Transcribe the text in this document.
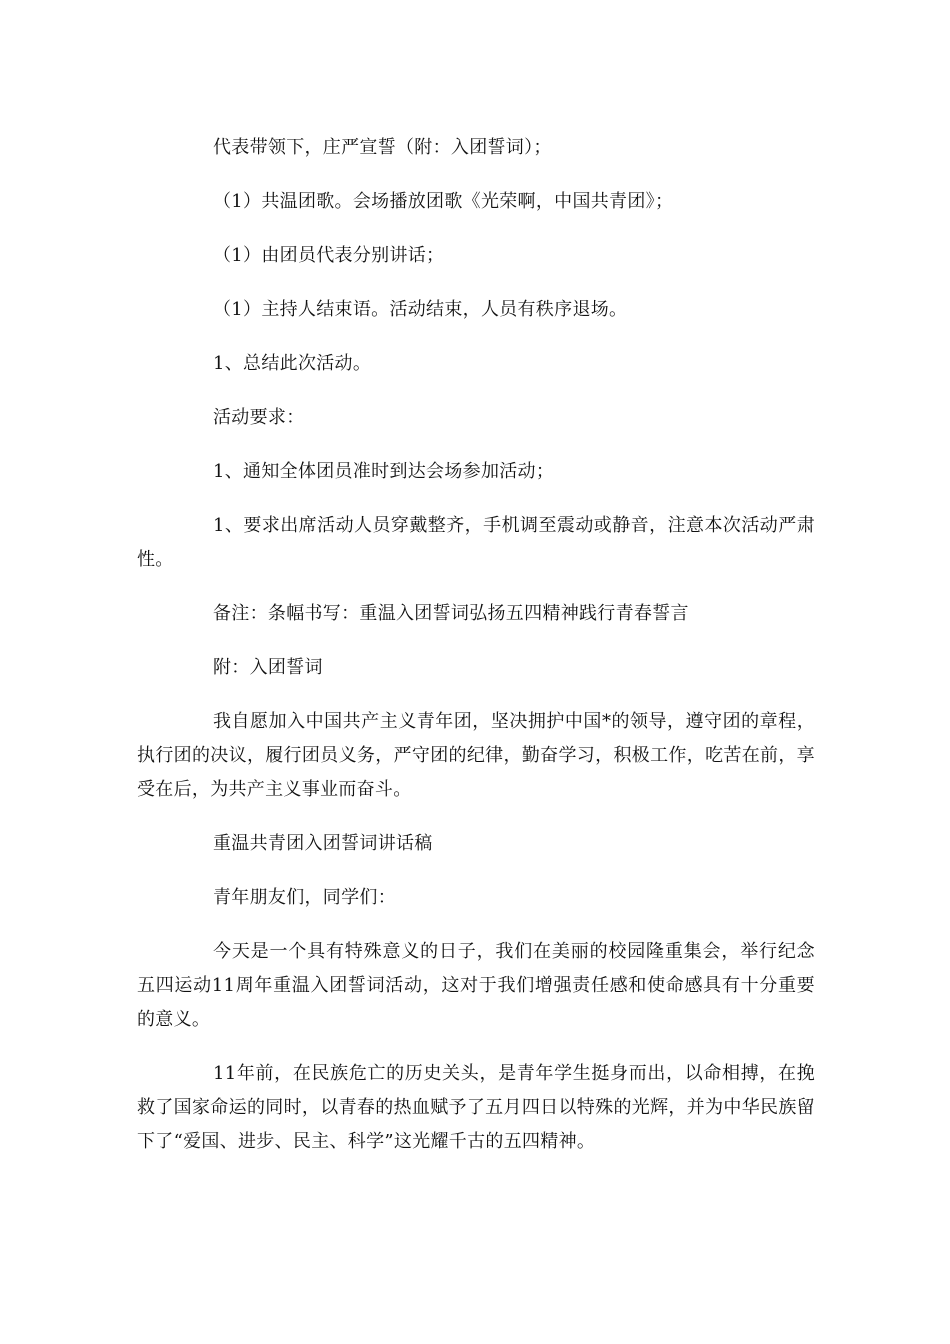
代表带领下，庄严宣誓（附：入团誓词）；

（1）共温团歌。会场播放团歌《光荣啊，中国共青团》；

（1）由团员代表分别讲话；

（1）主持人结束语。活动结束，人员有秩序退场。

1、总结此次活动。

活动要求：

1、通知全体团员准时到达会场参加活动；

1、要求出席活动人员穿戴整齐，手机调至震动或静音，注意本次活动严肃性。

备注：条幅书写：重温入团誓词弘扬五四精神践行青春誓言

附：入团誓词

我自愿加入中国共产主义青年团，坚决拥护中国*的领导，遵守团的章程，执行团的决议，履行团员义务，严守团的纪律，勤奋学习，积极工作，吃苦在前，享受在后，为共产主义事业而奋斗。

重温共青团入团誓词讲话稿

青年朋友们，同学们：

今天是一个具有特殊意义的日子，我们在美丽的校园隆重集会，举行纪念五四运动11周年重温入团誓词活动，这对于我们增强责任感和使命感具有十分重要的意义。

11年前，在民族危亡的历史关头，是青年学生挺身而出，以命相搏，在挽救了国家命运的同时，以青春的热血赋予了五月四日以特殊的光辉，并为中华民族留下了“爱国、进步、民主、科学”这光耀千古的五四精神。
